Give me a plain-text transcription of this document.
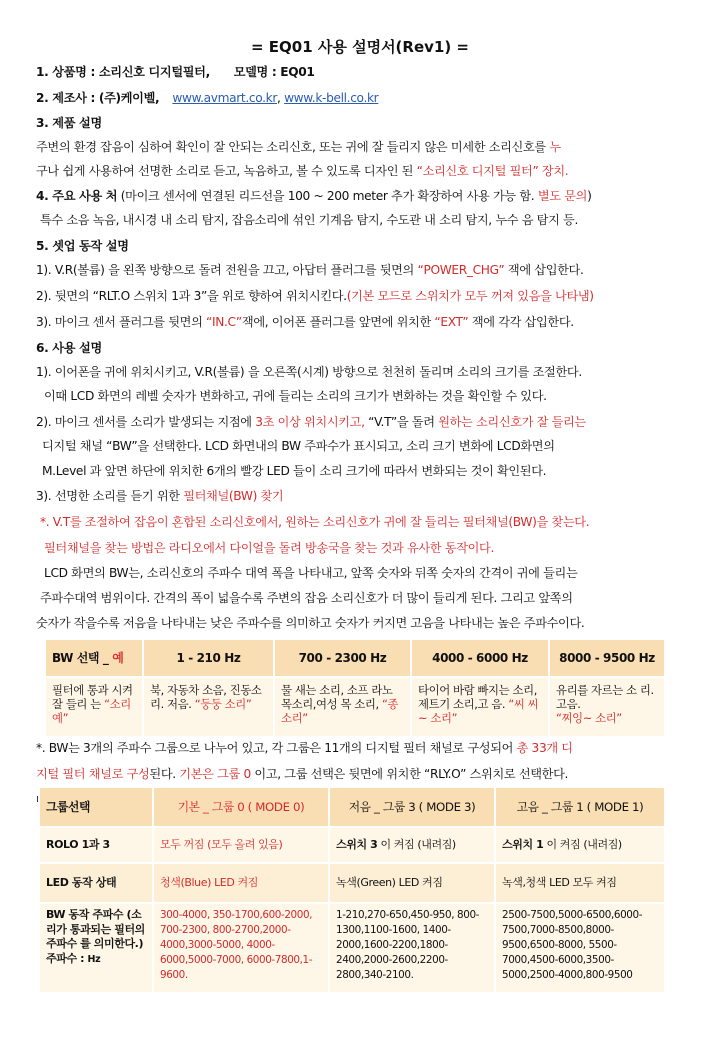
= EQ01 사용 설명서(Rev1) =
1. 상품명 : 소리신호 디지털필터, 모델명 : EQ01
2. 제조사 : (주)케이벨, www.avmart.co.kr, www.k-bell.co.kr
3. 제품 설명
주변의 환경 잡음이 심하여 확인이 잘 안되는 소리신호, 또는 귀에 잘 들리지 않은 미세한 소리신호를 누
구나 쉽게 사용하여 선명한 소리로 듣고, 녹음하고, 볼 수 있도록 디자인 된 “소리신호 디지털 필터” 장치.
4. 주요 사용 처 (마이크 센서에 연결된 리드선을 100 ~ 200 meter 추가 확장하여 사용 가능 함. 별도 문의)
특수 소음 녹음, 내시경 내 소리 탐지, 잡음소리에 섞인 기계음 탐지, 수도관 내 소리 탐지, 누수 음 탐지 등.
5. 셋업 동작 설명
1). V.R(볼륨) 을 왼쪽 방향으로 돌려 전원을 끄고, 아답터 플러그를 뒷면의 “POWER_CHG” 잭에 삽입한다.
2). 뒷면의 “RLT.O 스위치 1과 3”을 위로 향하여 위치시킨다.(기본 모드로 스위치가 모두 꺼져 있음을 나타냄)
3). 마이크 센서 플러그를 뒷면의 “IN.C”잭에, 이어폰 플러그를 앞면에 위치한 “EXT” 잭에 각각 삽입한다.
6. 사용 설명
1). 이어폰을 귀에 위치시키고, V.R(볼륨) 을 오른쪽(시계) 방향으로 천천히 돌리며 소리의 크기를 조절한다.
이때 LCD 화면의 레벨 숫자가 변화하고, 귀에 들리는 소리의 크기가 변화하는 것을 확인할 수 있다.
2). 마이크 센서를 소리가 발생되는 지점에 3초 이상 위치시키고, “V.T”을 돌려 원하는 소리신호가 잘 들리는
디지털 채널 “BW”을 선택한다. LCD 화면내의 BW 주파수가 표시되고, 소리 크기 변화에 LCD화면의
M.Level 과 앞면 하단에 위치한 6개의 빨강 LED 들이 소리 크기에 따라서 변화되는 것이 확인된다.
3). 선명한 소리를 듣기 위한 필터채널(BW) 찾기
*. V.T를 조절하여 잡음이 혼합된 소리신호에서, 원하는 소리신호가 귀에 잘 들리는 필터채널(BW)을 찾는다.
필터채널을 찾는 방법은 라디오에서 다이얼을 돌려 방송국을 찾는 것과 유사한 동작이다.
LCD 화면의 BW는, 소리신호의 주파수 대역 폭을 나타내고, 앞쪽 숫자와 뒤쪽 숫자의 간격이 귀에 들리는
주파수대역 범위이다. 간격의 폭이 넓을수록 주변의 잡음 소리신호가 더 많이 들리게 된다. 그리고 앞쪽의
숫자가 작을수록 저음을 나타내는 낮은 주파수를 의미하고 숫자가 커지면 고음을 나타내는 높은 주파수이다.
BW 선택 _ 예	1 - 210 Hz	700 - 2300 Hz	4000 - 6000 Hz	8000 - 9500 Hz
필터에 통과 시켜 잘 들리 는 “소리 예”	북, 자동차 소음, 진동소리. 저음. “둥둥 소리”	물 새는 소리, 소프 라노 목소리,여성 목 소리, “종 소리”	타이어 바람 빠지는 소리, 제트기 소리,고 음. “씨 씨~ 소리”	유리를 자르는 소 리. 고음.
“찌잉~ 소리”
*. BW는 3개의 주파수 그룹으로 나누어 있고, 각 그룹은 11개의 디지털 필터 채널로 구성되어 총 33개 디
지털 필터 채널로 구성된다. 기본은 그룹 0 이고, 그룹 선택은 뒷면에 위치한 “RLY.O” 스위치로 선택한다.
그룹선택	기본 _ 그룹 0 ( MODE 0)	저음 _ 그룹 3 ( MODE 3)	고음 _ 그룹 1 ( MODE 1)
ROLO 1과 3	모두 꺼짐 (모두 올려 있음)	스위치 3 이 켜짐 (내려짐)	스위치 1 이 켜짐 (내려짐)
LED 동작 상태	청색(Blue) LED 켜짐	녹색(Green) LED 켜짐	녹색,청색 LED 모두 켜짐
BW 동작 주파수 (소리가 통과되는 필터의 주파수 를 의미한다.) 주파수 : Hz	300-4000, 350-1700,600-2000, 700-2300, 800-2700,2000-4000,3000-5000, 4000-6000,5000-7000, 6000-7800,1-9600.	1-210,270-650,450-950, 800-1300,1100-1600, 1400-2000,1600-2200,1800-2400,2000-2600,2200-2800,340-2100.	2500-7500,5000-6500,6000-7500,7000-8500,8000-9500,6500-8000, 5500-7000,4500-6000,3500-5000,2500-4000,800-9500
